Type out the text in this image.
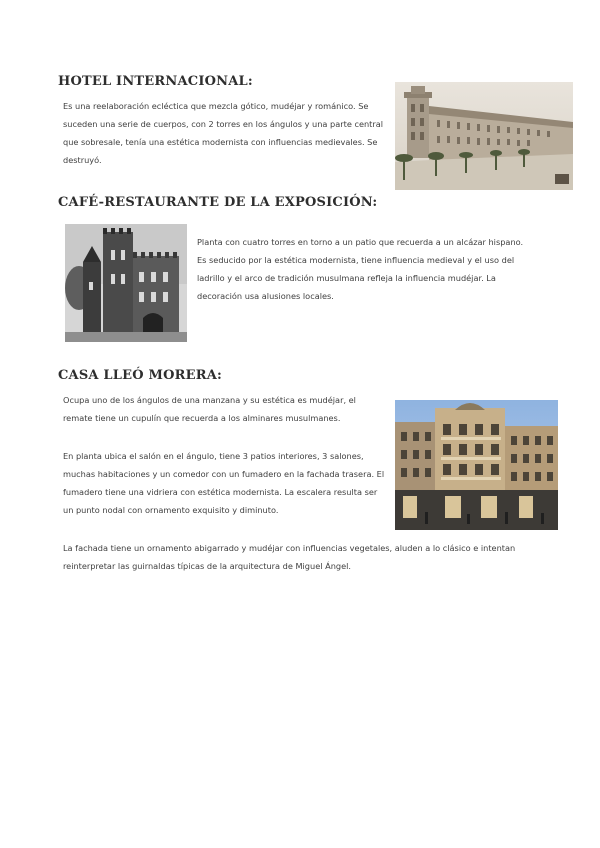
HOTEL INTERNACIONAL:

Es una reelaboración ecléctica que mezcla gótico, mudéjar y románico. Se suceden una serie de cuerpos, con 2 torres en los ángulos y una parte central que sobresale, tenía una estética modernista con influencias medievales. Se destruyó.

CAFÉ-RESTAURANTE DE LA EXPOSICIÓN:

Planta con cuatro torres en torno a un patio que recuerda a un alcázar hispano. Es seducido por la estética modernista, tiene influencia medieval y el uso del ladrillo y el arco de tradición musulmana refleja la influencia mudéjar. La decoración usa alusiones locales.

CASA LLEÓ MORERA:

Ocupa uno de los ángulos de una manzana y su estética es mudéjar, el remate tiene un cupulín que recuerda a los alminares musulmanes.

En planta ubica el salón en el ángulo, tiene 3 patios interiores, 3 salones, muchas habitaciones y un comedor con un fumadero en la fachada trasera. El fumadero tiene una vidriera con estética modernista. La escalera resulta ser un punto nodal con ornamento exquisito y diminuto.

La fachada tiene un ornamento abigarrado y mudéjar con influencias vegetales, aluden a lo clásico e intentan reinterpretar las guirnaldas típicas de la arquitectura de Miguel Ángel.
